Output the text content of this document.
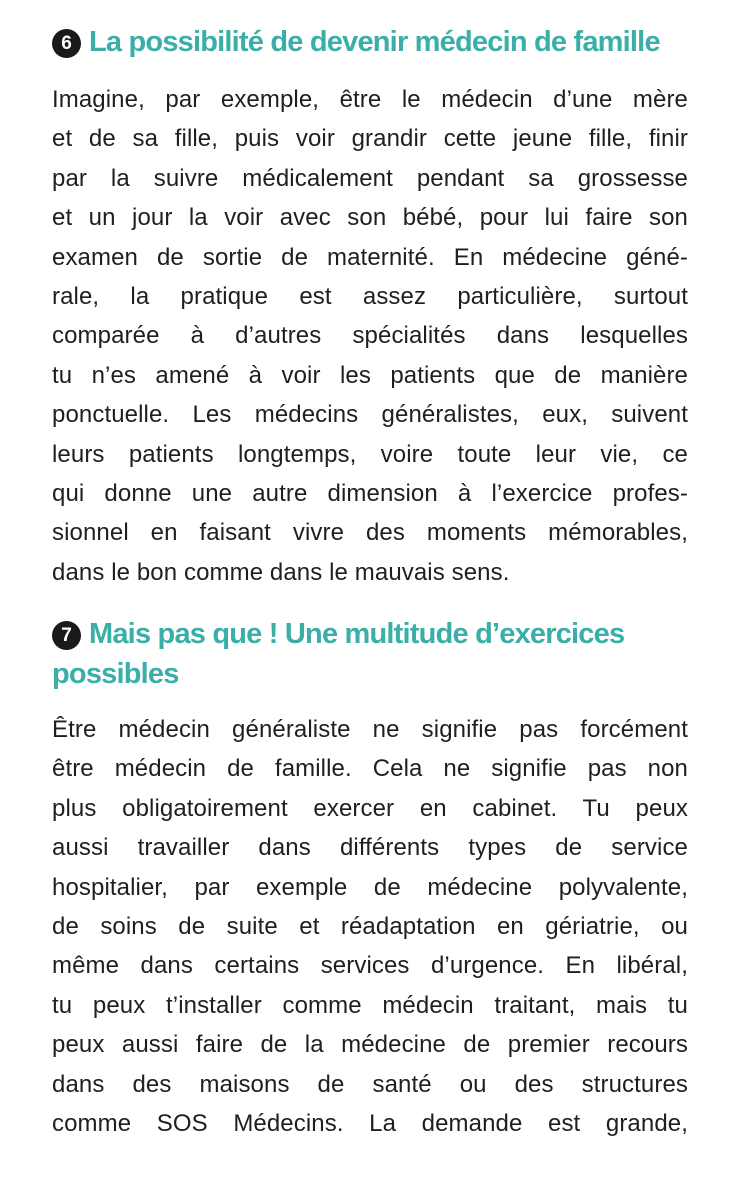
6 La possibilité de devenir médecin de famille
Imagine, par exemple, être le médecin d’une mère
et de sa fille, puis voir grandir cette jeune fille, finir
par la suivre médicalement pendant sa grossesse
et un jour la voir avec son bébé, pour lui faire son
examen de sortie de maternité. En médecine géné-
rale, la pratique est assez particulière, surtout
comparée à d’autres spécialités dans lesquelles
tu n’es amené à voir les patients que de manière
ponctuelle. Les médecins généralistes, eux, suivent
leurs patients longtemps, voire toute leur vie, ce
qui donne une autre dimension à l’exercice profes-
sionnel en faisant vivre des moments mémorables,
dans le bon comme dans le mauvais sens.
7 Mais pas que ! Une multitude d’exercices possibles
Être médecin généraliste ne signifie pas forcément
être médecin de famille. Cela ne signifie pas non
plus obligatoirement exercer en cabinet. Tu peux
aussi travailler dans différents types de service
hospitalier, par exemple de médecine polyvalente,
de soins de suite et réadaptation en gériatrie, ou
même dans certains services d’urgence. En libéral,
tu peux t’installer comme médecin traitant, mais tu
peux aussi faire de la médecine de premier recours
dans des maisons de santé ou des structures
comme SOS Médecins. La demande est grande,
